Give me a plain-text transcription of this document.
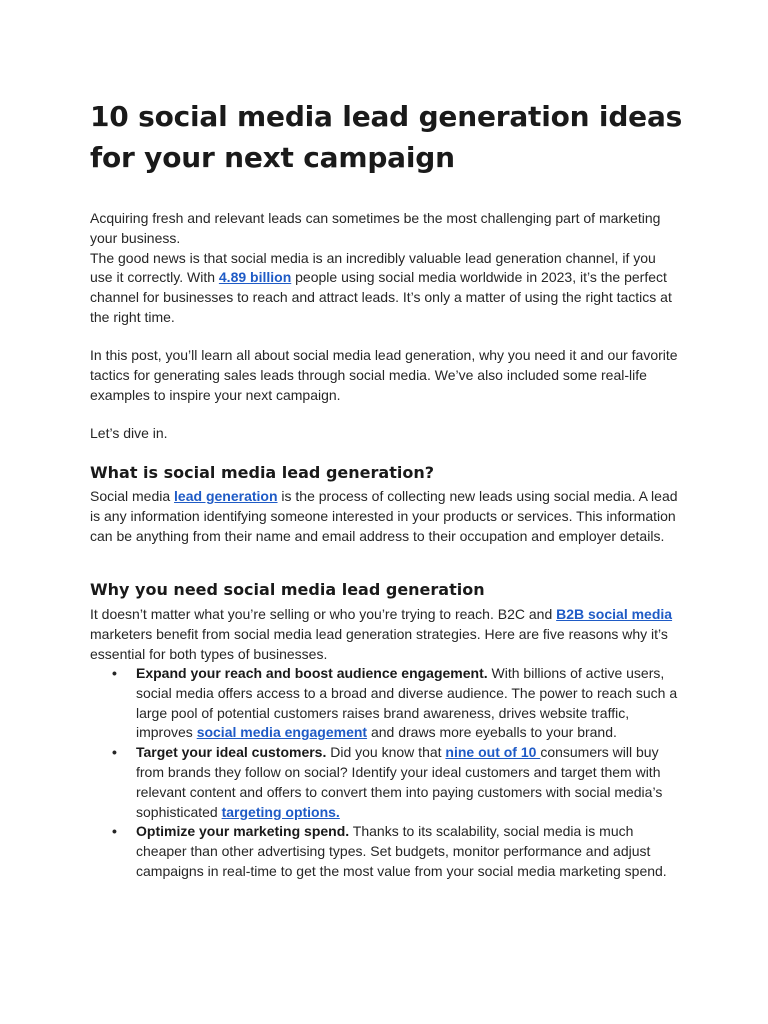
10 social media lead generation ideas for your next campaign

Acquiring fresh and relevant leads can sometimes be the most challenging part of marketing your business.

The good news is that social media is an incredibly valuable lead generation channel, if you use it correctly. With 4.89 billion people using social media worldwide in 2023, it’s the perfect channel for businesses to reach and attract leads. It’s only a matter of using the right tactics at the right time.

In this post, you’ll learn all about social media lead generation, why you need it and our favorite tactics for generating sales leads through social media. We’ve also included some real-life examples to inspire your next campaign.

Let’s dive in.

What is social media lead generation?

Social media lead generation is the process of collecting new leads using social media. A lead is any information identifying someone interested in your products or services. This information can be anything from their name and email address to their occupation and employer details.

Why you need social media lead generation

It doesn’t matter what you’re selling or who you’re trying to reach. B2C and B2B social media marketers benefit from social media lead generation strategies. Here are five reasons why it’s essential for both types of businesses.

• Expand your reach and boost audience engagement. With billions of active users, social media offers access to a broad and diverse audience. The power to reach such a large pool of potential customers raises brand awareness, drives website traffic, improves social media engagement and draws more eyeballs to your brand.
• Target your ideal customers. Did you know that nine out of 10 consumers will buy from brands they follow on social? Identify your ideal customers and target them with relevant content and offers to convert them into paying customers with social media’s sophisticated targeting options.
• Optimize your marketing spend. Thanks to its scalability, social media is much cheaper than other advertising types. Set budgets, monitor performance and adjust campaigns in real-time to get the most value from your social media marketing spend.
